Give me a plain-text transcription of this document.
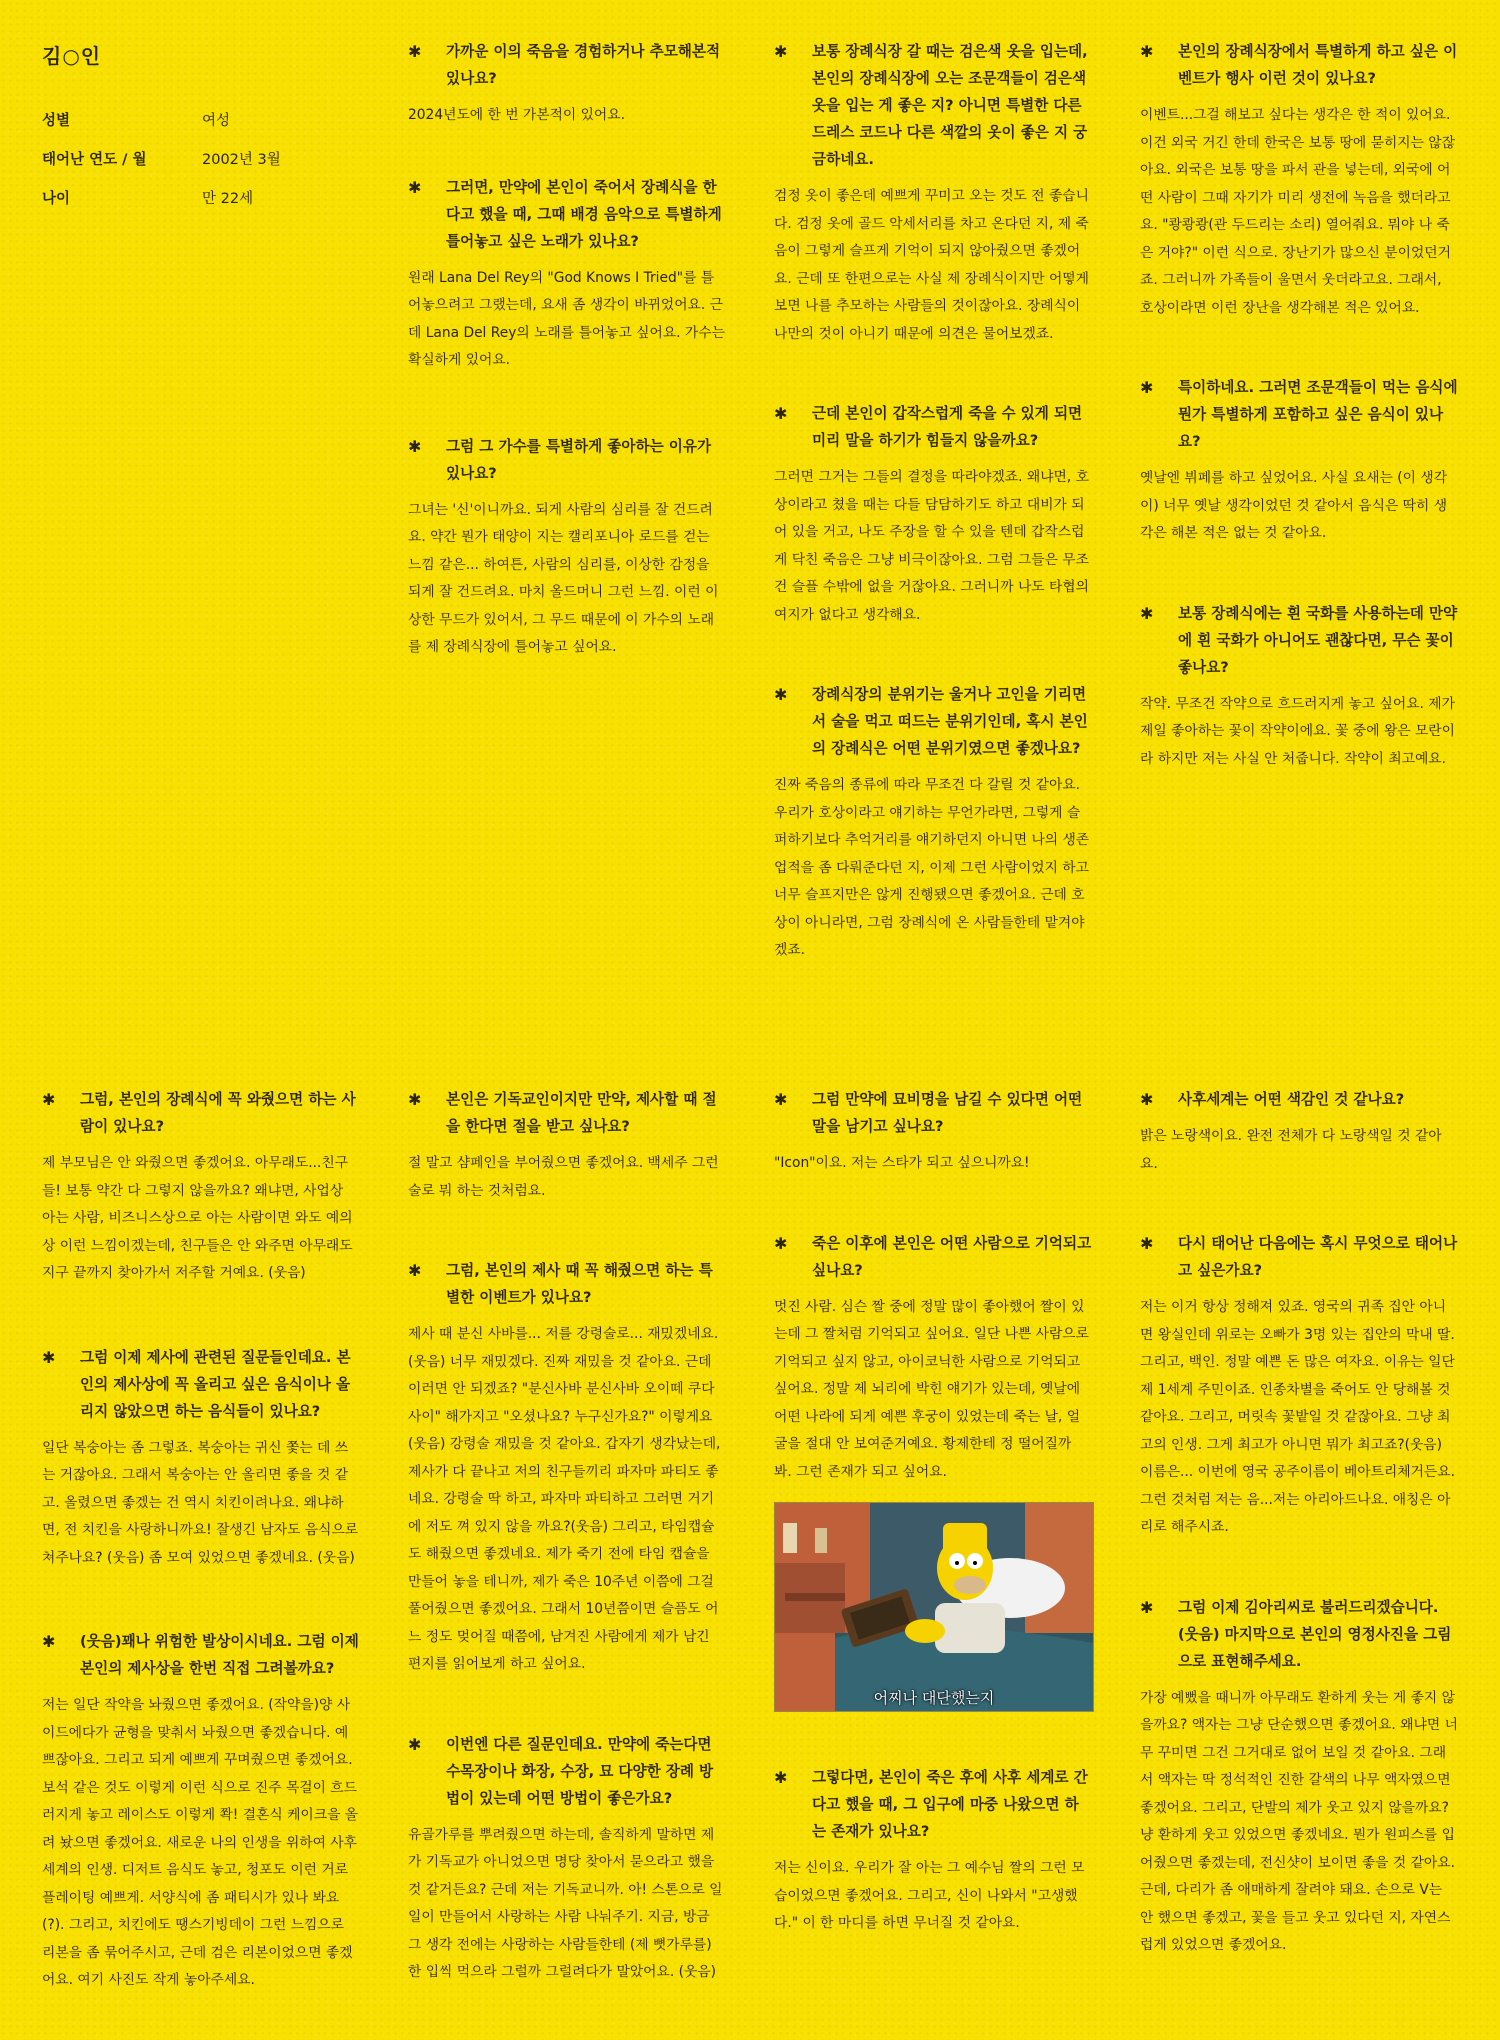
김○인
성별	여성
태어난 연도 / 월	2002년 3월
나이	만 22세
✱	가까운 이의 죽음을 경험하거나 추모해본적 있나요?

2024년도에 한 번 가본적이 있어요.

✱	그러면, 만약에 본인이 죽어서 장례식을 한다고 했을 때, 그때 배경 음악으로 특별하게 틀어놓고 싶은 노래가 있나요?

원래 Lana Del Rey의 "God Knows I Tried"를 틀어놓으려고 그랬는데, 요새 좀 생각이 바뀌었어요. 근데 Lana Del Rey의 노래를 틀어놓고 싶어요. 가수는 확실하게 있어요.

✱	그럼 그 가수를 특별하게 좋아하는 이유가 있나요?

그녀는 '신'이니까요. 되게 사람의 심리를 잘 건드려요. 약간 뭔가 태양이 지는 캘리포니아 로드를 걷는 느낌 같은... 하여튼, 사람의 심리를, 이상한 감정을 되게 잘 건드려요. 마치 올드머니 그런 느낌. 이런 이상한 무드가 있어서, 그 무드 때문에 이 가수의 노래를 제 장례식장에 틀어놓고 싶어요.

✱	보통 장례식장 갈 때는 검은색 옷을 입는데, 본인의 장례식장에 오는 조문객들이 검은색 옷을 입는 게 좋은 지? 아니면 특별한 다른 드레스 코드나 다른 색깔의 옷이 좋은 지 궁금하네요.

검정 옷이 좋은데 예쁘게 꾸미고 오는 것도 전 좋습니다. 검정 옷에 골드 악세서리를 차고 온다던 지, 제 죽음이 그렇게 슬프게 기억이 되지 않아줬으면 좋겠어요. 근데 또 한편으로는 사실 제 장례식이지만 어떻게 보면 나를 추모하는 사람들의 것이잖아요. 장례식이 나만의 것이 아니기 때문에 의견은 물어보겠죠.

✱	근데 본인이 갑작스럽게 죽을 수 있게 되면 미리 말을 하기가 힘들지 않을까요?

그러면 그거는 그들의 결정을 따라야겠죠. 왜냐면, 호상이라고 쳤을 때는 다들 담담하기도 하고 대비가 되어 있을 거고, 나도 주장을 할 수 있을 텐데 갑작스럽게 닥친 죽음은 그냥 비극이잖아요. 그럼 그들은 무조건 슬플 수밖에 없을 거잖아요. 그러니까 나도 타협의 여지가 없다고 생각해요.

✱	장례식장의 분위기는 울거나 고인을 기리면서 술을 먹고 떠드는 분위기인데, 혹시 본인의 장례식은 어떤 분위기였으면 좋겠나요?

진짜 죽음의 종류에 따라 무조건 다 갈릴 것 같아요. 우리가 호상이라고 얘기하는 무언가라면, 그렇게 슬퍼하기보다 추억거리를 얘기하던지 아니면 나의 생존 업적을 좀 다뤄준다던 지, 이제 그런 사람이었지 하고 너무 슬프지만은 않게 진행됐으면 좋겠어요. 근데 호상이 아니라면, 그럼 장례식에 온 사람들한테 맡겨야겠죠.

✱	본인의 장례식장에서 특별하게 하고 싶은 이벤트가 행사 이런 것이 있나요?

이벤트...그걸 해보고 싶다는 생각은 한 적이 있어요. 이건 외국 거긴 한데 한국은 보통 땅에 묻히지는 않잖아요. 외국은 보통 땅을 파서 관을 넣는데, 외국에 어떤 사람이 그때 자기가 미리 생전에 녹음을 했더라고요. "쾅쾅쾅(관 두드리는 소리) 열어줘요. 뭐야 나 죽은 거야?" 이런 식으로. 장난기가 많으신 분이었던거죠. 그러니까 가족들이 울면서 웃더라고요. 그래서, 호상이라면 이런 장난을 생각해본 적은 있어요.

✱	특이하네요. 그러면 조문객들이 먹는 음식에 뭔가 특별하게 포함하고 싶은 음식이 있나요?

옛날엔 뷔페를 하고 싶었어요. 사실 요새는 (이 생각이) 너무 옛날 생각이었던 것 같아서 음식은 딱히 생각은 해본 적은 없는 것 같아요.

✱	보통 장례식에는 흰 국화를 사용하는데 만약에 흰 국화가 아니어도 괜찮다면, 무슨 꽃이 좋나요?

작약. 무조건 작약으로 흐드러지게 놓고 싶어요. 제가 제일 좋아하는 꽃이 작약이에요. 꽃 중에 왕은 모란이라 하지만 저는 사실 안 처줍니다. 작약이 최고예요.

✱	그럼, 본인의 장례식에 꼭 와줬으면 하는 사람이 있나요?

제 부모님은 안 와줬으면 좋겠어요. 아무래도...친구들! 보통 약간 다 그렇지 않을까요? 왜냐면, 사업상 아는 사람, 비즈니스상으로 아는 사람이면 와도 예의상 이런 느낌이겠는데, 친구들은 안 와주면 아무래도 지구 끝까지 찾아가서 저주할 거예요. (웃음)

✱	그럼 이제 제사에 관련된 질문들인데요. 본인의 제사상에 꼭 올리고 싶은 음식이나 올리지 않았으면 하는 음식들이 있나요?

일단 복숭아는 좀 그렇죠. 복숭아는 귀신 쫓는 데 쓰는 거잖아요. 그래서 복숭아는 안 올리면 좋을 것 같고. 올렸으면 좋겠는 건 역시 치킨이려나요. 왜냐하면, 전 치킨을 사랑하니까요! 잘생긴 남자도 음식으로 쳐주나요? (웃음) 좀 모여 있었으면 좋겠네요. (웃음)

✱	(웃음)꽤나 위험한 발상이시네요. 그럼 이제 본인의 제사상을 한번 직접 그려볼까요?

저는 일단 작약을 놔줬으면 좋겠어요. (작약을)양 사이드에다가 균형을 맞춰서 놔줬으면 좋겠습니다. 예쁘잖아요. 그리고 되게 예쁘게 꾸며줬으면 좋겠어요. 보석 같은 것도 이렇게 이런 식으로 진주 목걸이 흐드러지게 놓고 레이스도 이렇게 쫙! 결혼식 케이크을 올려 놨으면 좋겠어요. 새로운 나의 인생을 위하여 사후 세계의 인생. 디저트 음식도 놓고, 청포도 이런 거로 플레이팅 예쁘게. 서양식에 좀 패티시가 있나 봐요(?). 그리고, 치킨에도 땡스기빙데이 그런 느낌으로 리본을 좀 묶어주시고, 근데 검은 리본이었으면 좋겠어요. 여기 사진도 작게 놓아주세요.

✱	본인은 기독교인이지만 만약, 제사할 때 절을 한다면 절을 받고 싶나요?

절 말고 샴페인을 부어줬으면 좋겠어요. 백세주 그런 술로 뭐 하는 것처럼요.

✱	그럼, 본인의 제사 때 꼭 해줬으면 하는 특별한 이벤트가 있나요?

제사 때 분신 사바를... 저를 강령술로... 재밌겠네요. (웃음) 너무 재밌겠다. 진짜 재밌을 것 같아요. 근데 이러면 안 되겠죠? "분신사바 분신사바 오이떼 쿠다사이" 해가지고 "오셨나요? 누구신가요?" 이렇게요(웃음) 강령술 재밌을 것 같아요. 갑자기 생각났는데, 제사가 다 끝나고 저의 친구들끼리 파자마 파티도 좋네요. 강령술 딱 하고, 파자마 파티하고 그러면 거기에 저도 껴 있지 않을 까요?(웃음) 그리고, 타임캡슐도 해줬으면 좋겠네요. 제가 죽기 전에 타임 캡슐을 만들어 놓을 테니까, 제가 죽은 10주년 이쯤에 그걸 풀어줬으면 좋겠어요. 그래서 10년쯤이면 슬픔도 어느 정도 멎어질 때쯤에, 남겨진 사람에게 제가 남긴 편지를 읽어보게 하고 싶어요.

✱	이번엔 다른 질문인데요. 만약에 죽는다면 수목장이나 화장, 수장, 묘 다양한 장례 방법이 있는데 어떤 방법이 좋은가요?

유골가루를 뿌려줬으면 하는데, 솔직하게 말하면 제가 기독교가 아니었으면 명당 찾아서 묻으라고 했을 것 같거든요? 근데 저는 기독교니까. 아! 스톤으로 일일이 만들어서 사랑하는 사람 나눠주기. 지금, 방금 그 생각 전에는 사랑하는 사람들한테 (제 뼛가루를) 한 입씩 먹으라 그럴까 그럴려다가 말았어요. (웃음)

✱	그럼 만약에 묘비명을 남길 수 있다면 어떤 말을 남기고 싶나요?

"Icon"이요. 저는 스타가 되고 싶으니까요!

✱	죽은 이후에 본인은 어떤 사람으로 기억되고 싶나요?

멋진 사람. 심슨 짤 중에 정말 많이 좋아했어 짤이 있는데 그 짤처럼 기억되고 싶어요. 일단 나쁜 사람으로 기억되고 싶지 않고, 아이코닉한 사람으로 기억되고 싶어요. 정말 제 뇌리에 박힌 얘기가 있는데, 옛날에 어떤 나라에 되게 예쁜 후궁이 있었는데 죽는 날, 얼굴을 절대 안 보여준거예요. 황제한테 정 떨어질까 봐. 그런 존재가 되고 싶어요.

어찌나 대단했는지
✱	그렇다면, 본인이 죽은 후에 사후 세계로 간다고 했을 때, 그 입구에 마중 나왔으면 하는 존재가 있나요?

저는 신이요. 우리가 잘 아는 그 예수님 짤의 그런 모습이었으면 좋겠어요. 그리고, 신이 나와서 "고생했다." 이 한 마디를 하면 무너질 것 같아요.

✱	사후세계는 어떤 색감인 것 같나요?

밝은 노랑색이요. 완전 전체가 다 노랑색일 것 같아요.

✱	다시 태어난 다음에는 혹시 무엇으로 태어나고 싶은가요?

저는 이거 항상 정해져 있죠. 영국의 귀족 집안 아니면 왕실인데 위로는 오빠가 3명 있는 집안의 막내 딸. 그리고, 백인. 정말 예쁜 돈 많은 여자요. 이유는 일단 제 1세계 주민이죠. 인종차별을 죽어도 안 당해볼 것 같아요. 그리고, 머릿속 꽃밭일 것 같잖아요. 그냥 최고의 인생. 그게 최고가 아니면 뭐가 최고죠?(웃음) 이름은... 이번에 영국 공주이름이 베아트리체거든요. 그런 것처럼 저는 음...저는 아리아드나요. 애칭은 아리로 해주시죠.

✱	그럼 이제 김아리씨로 불러드리겠습니다. (웃음) 마지막으로 본인의 영정사진을 그림으로 표현해주세요.

가장 예뻤을 때니까 아무래도 환하게 웃는 게 좋지 않을까요? 액자는 그냥 단순했으면 좋겠어요. 왜냐면 너무 꾸미면 그건 그거대로 없어 보일 것 같아요. 그래서 액자는 딱 정석적인 진한 갈색의 나무 액자였으면 좋겠어요. 그리고, 단발의 제가 웃고 있지 않을까요? 냥 환하게 웃고 있었으면 좋겠네요. 뭔가 원피스를 입어줬으면 좋겠는데, 전신샷이 보이면 좋을 것 같아요. 근데, 다리가 좀 애매하게 잘려야 돼요. 손으로 V는 안 했으면 좋겠고, 꽃을 들고 웃고 있다던 지, 자연스럽게 있었으면 좋겠어요.
